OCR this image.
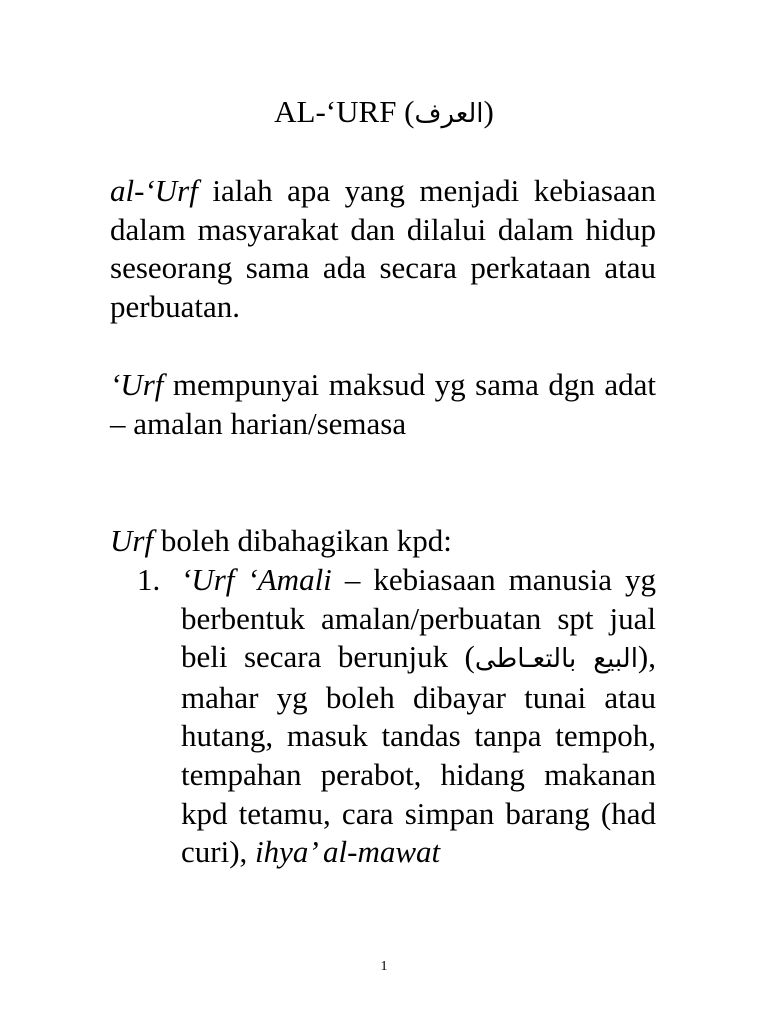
AL-‘URF (العرف)
al-‘Urf ialah apa yang menjadi kebiasaan dalam masyarakat dan dilalui dalam hidup seseorang sama ada secara perkataan atau perbuatan.
‘Urf mempunyai maksud yg sama dgn adat – amalan harian/semasa
Urf boleh dibahagikan kpd:
1. ‘Urf ‘Amali – kebiasaan manusia yg berbentuk amalan/perbuatan spt jual beli secara berunjuk (البيع بالتعـاطى), mahar yg boleh dibayar tunai atau hutang, masuk tandas tanpa tempoh, tempahan perabot, hidang makanan kpd tetamu, cara simpan barang (had curi), ihya’ al-mawat
1
